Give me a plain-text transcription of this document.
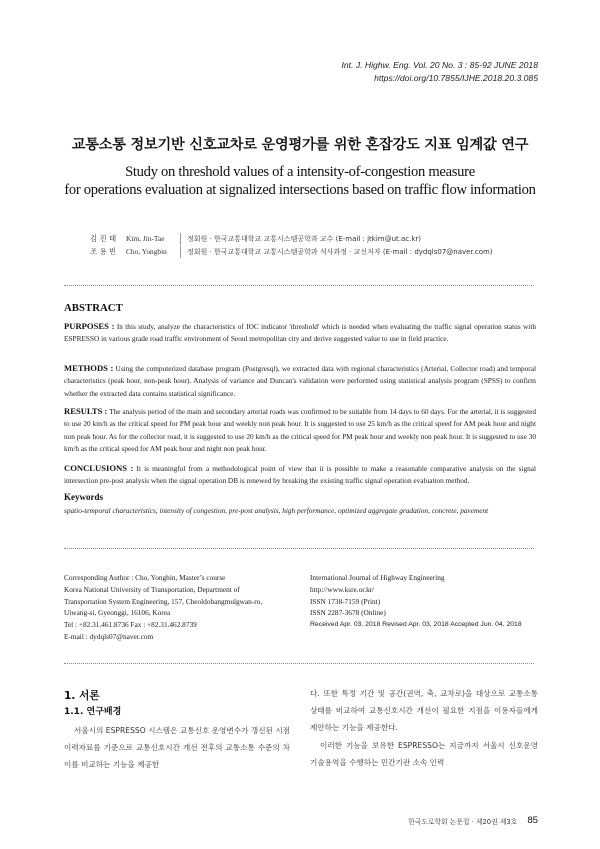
Int. J. Highw. Eng. Vol. 20 No. 3 : 85-92 JUNE 2018
https://doi.org/10.7855/IJHE.2018.20.3.085
교통소통 정보기반 신호교차로 운영평가를 위한 혼잡강도 지표 임계값 연구
Study on threshold values of a intensity-of-congestion measure
for operations evaluation at signalized intersections based on traffic flow information
김 진 태	Kim, Jin-Tae	정회원 · 한국교통대학교 교통시스템공학과 교수 (E-mail : jtkim@ut.ac.kr)
조 용 빈	Cho, Yongbin	정회원 · 한국교통대학교 교통시스템공학과 석사과정 · 교신저자 (E-mail : dydqls07@naver.com)
ABSTRACT
PURPOSES : In this study, analyze the characteristics of IOC indicator 'threshold' which is needed when evaluating the traffic signal operation status with ESPRESSO in various grade road traffic environment of Seoul metropolitan city and derive suggested value to use in field practice.
METHODS : Using the computerized database program (Postgresql), we extracted data with regional characteristics (Arterial, Collector road) and temporal characteristics (peak hour, non-peak hour). Analysis of variance and Duncan's validation were performed using statistical analysis program (SPSS) to confirm whether the extracted data contains statistical significance.
RESULTS : The analysis period of the main and secondary arterial roads was confirmed to be suitable from 14 days to 60 days. For the arterial, it is suggested to use 20 km/h as the critical speed for PM peak hour and weekly non peak hour. It is suggested to use 25 km/h as the critical speed for AM peak hour and night non peak hour. As for the collector road, it is suggested to use 20 km/h as the critical speed for PM peak hour and weekly non peak hour. It is suggested to use 30 km/h as the critical speed for AM peak hour and night non peak hour.
CONCLUSIONS : It is meaningful from a methodological point of view that it is possible to make a reasonable comparative analysis on the signal intersection pre-post analysis when the signal operation DB is renewed by breaking the existing traffic signal operation evaluation method.
Keywords
spatio-temporal characteristics, intensity of congestion, pre-post analysis, high performance, optimized aggregate gradation, concrete, pavement
Corresponding Author : Cho, Yongbin, Master’s course
Korea National University of Transportation, Department of
Transportation System Engineering, 157, Cheoldobangmulgwan-ro,
Uiwang-si, Gyeonggi, 16106, Korea
Tel : +82.31.461.8736 Fax : +82.31.462.8739
E-mail : dydqls07@naver.com
International Journal of Highway Engineering
http://www.ksre.or.kr/
ISSN 1738-7159 (Print)
ISSN 2287-3678 (Online)
Received Apr. 03, 2018 Revised Apr. 03, 2018 Accepted Jun. 04, 2018
1. 서론
1.1. 연구배경
서울시의 ESPRESSO 시스템은 교통신호 운영변수가 갱신된 시점 이력자료를 기준으로 교통신호시간 개선 전후의 교통소통 수준의 차이를 비교하는 기능을 제공한
다. 또한 특정 기간 및 공간(권역, 축, 교차로)을 대상으로 교통소통 상태를 비교하여 교통신호시간 개선이 필요한 지점을 이용자들에게 제안하는 기능을 제공한다.
이러한 기능을 보유한 ESPRESSO는 지금까지 서울시 신호운영 기술용역을 수행하는 민간기관 소속 인력
한국도로학회 논문집 · 제20권 제3호 85
